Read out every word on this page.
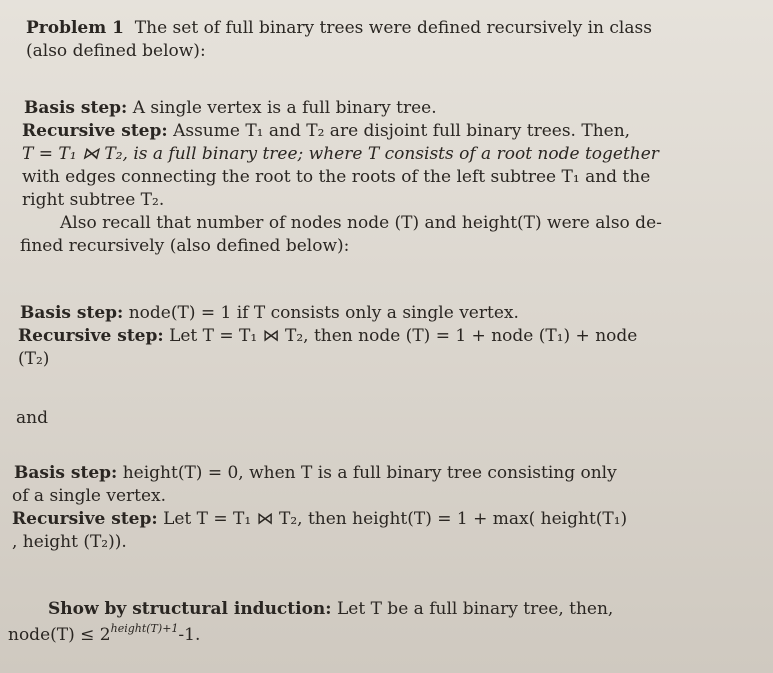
Problem 1 The set of full binary trees were defined recursively in class
(also defined below):
Basis step: A single vertex is a full binary tree.
Recursive step: Assume T₁ and T₂ are disjoint full binary trees. Then,
T = T₁ ⋈ T₂, is a full binary tree; where T consists of a root node together
with edges connecting the root to the roots of the left subtree T₁ and the
right subtree T₂.
Also recall that number of nodes node (T) and height(T) were also de-
fined recursively (also defined below):
Basis step: node(T) = 1 if T consists only a single vertex.
Recursive step: Let T = T₁ ⋈ T₂, then node (T) = 1 + node (T₁) + node
(T₂)
and
Basis step: height(T) = 0, when T is a full binary tree consisting only
of a single vertex.
Recursive step: Let T = T₁ ⋈ T₂, then height(T) = 1 + max( height(T₁)
, height (T₂)).
Show by structural induction: Let T be a full binary tree, then,
node(T) ≤ $2^{height(T)+1}-1$.
